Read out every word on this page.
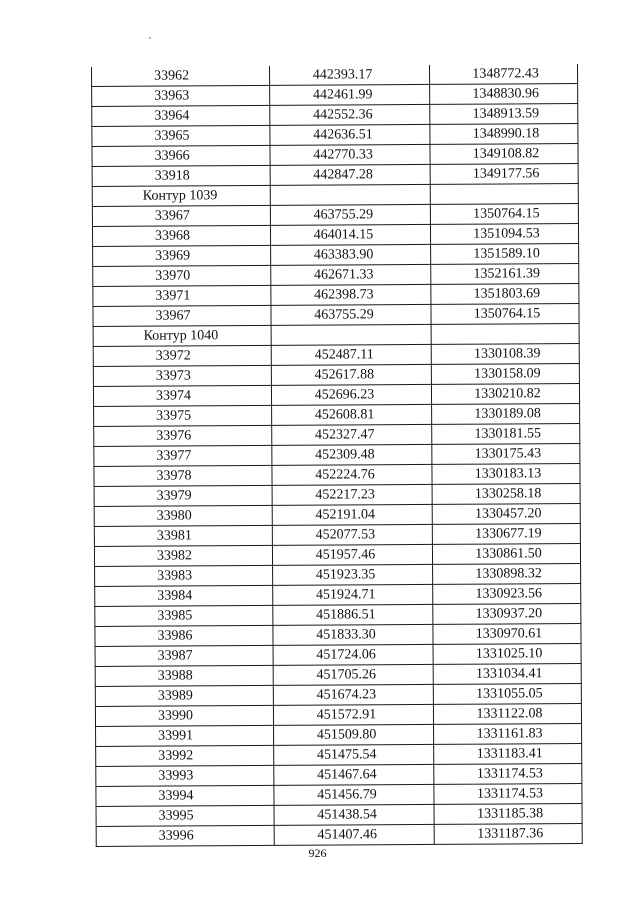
33962	442393.17	1348772.43
33963	442461.99	1348830.96
33964	442552.36	1348913.59
33965	442636.51	1348990.18
33966	442770.33	1349108.82
33918	442847.28	1349177.56
Контур 1039		
33967	463755.29	1350764.15
33968	464014.15	1351094.53
33969	463383.90	1351589.10
33970	462671.33	1352161.39
33971	462398.73	1351803.69
33967	463755.29	1350764.15
Контур 1040		
33972	452487.11	1330108.39
33973	452617.88	1330158.09
33974	452696.23	1330210.82
33975	452608.81	1330189.08
33976	452327.47	1330181.55
33977	452309.48	1330175.43
33978	452224.76	1330183.13
33979	452217.23	1330258.18
33980	452191.04	1330457.20
33981	452077.53	1330677.19
33982	451957.46	1330861.50
33983	451923.35	1330898.32
33984	451924.71	1330923.56
33985	451886.51	1330937.20
33986	451833.30	1330970.61
33987	451724.06	1331025.10
33988	451705.26	1331034.41
33989	451674.23	1331055.05
33990	451572.91	1331122.08
33991	451509.80	1331161.83
33992	451475.54	1331183.41
33993	451467.64	1331174.53
33994	451456.79	1331174.53
33995	451438.54	1331185.38
33996	451407.46	1331187.36
926
